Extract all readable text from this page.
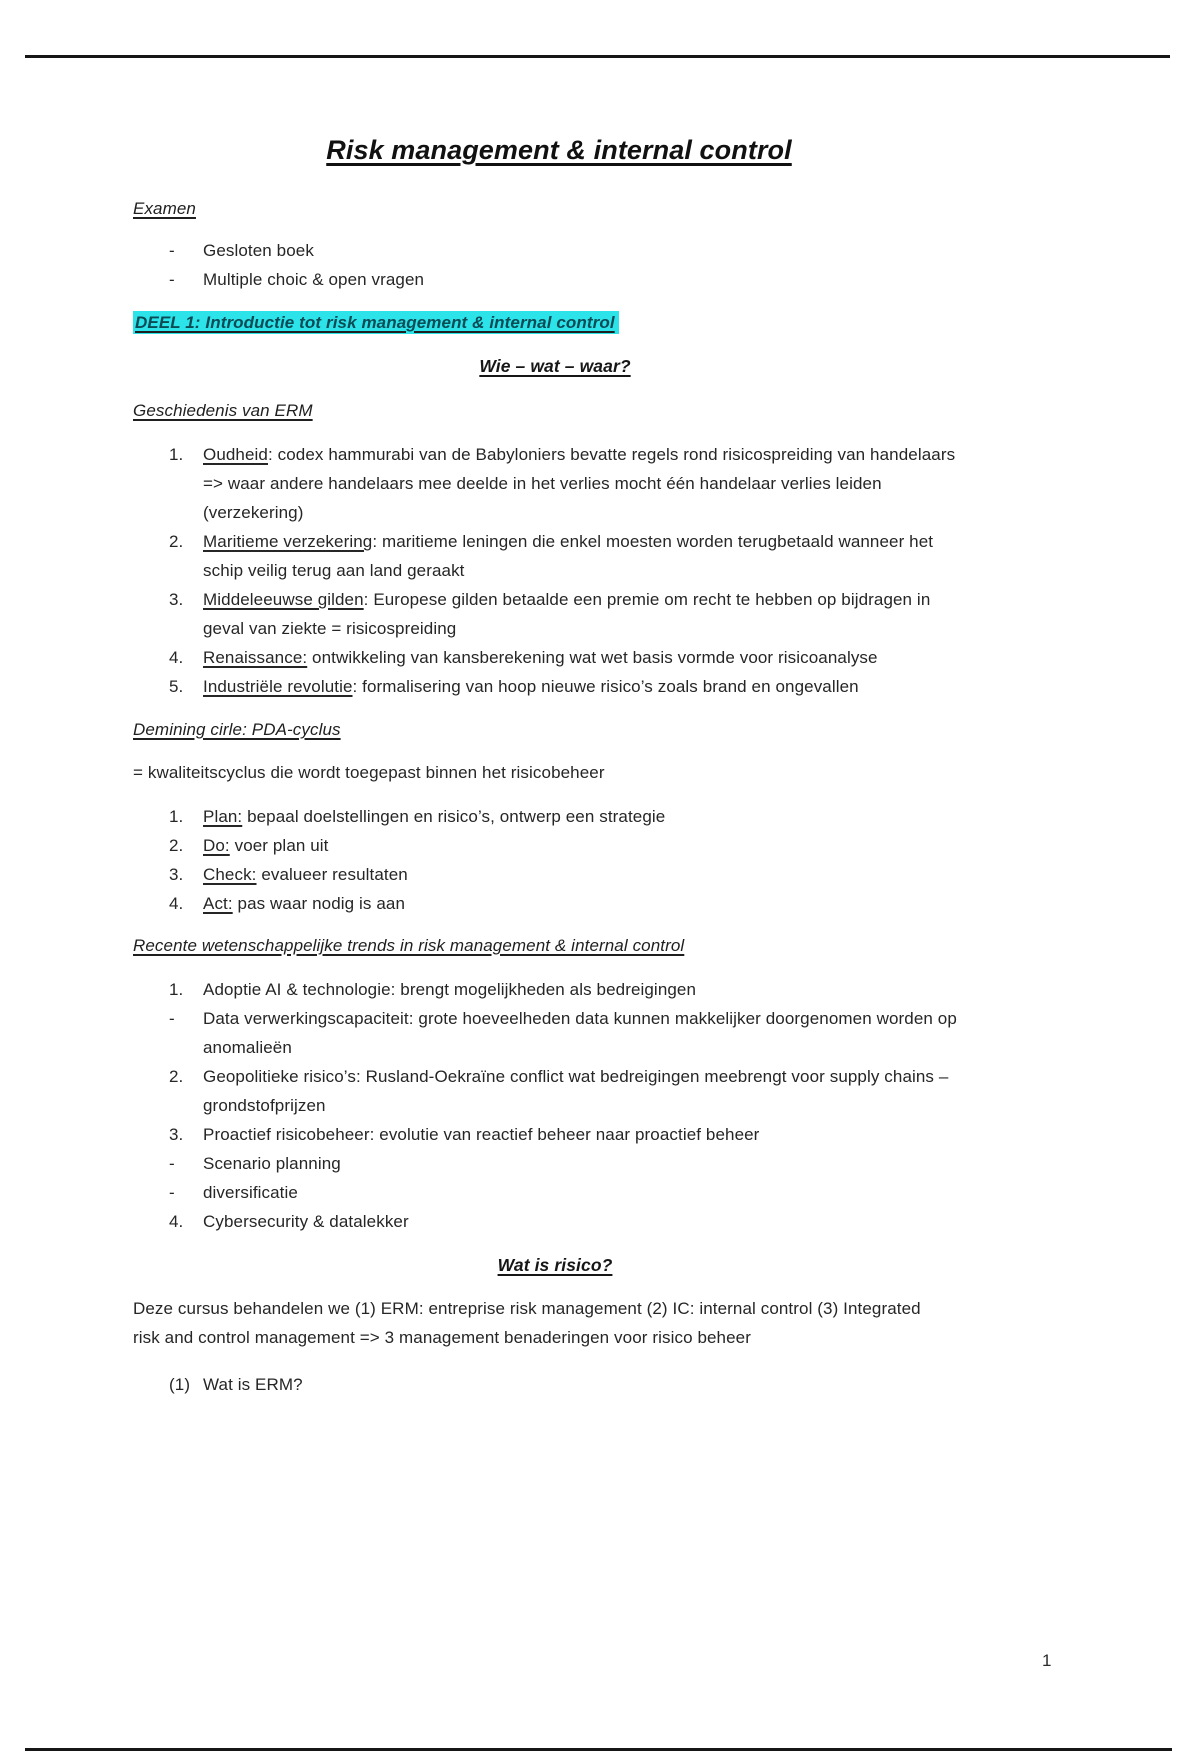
Risk management & internal control
Examen
-	Gesloten boek
-	Multiple choic & open vragen
DEEL 1: Introductie tot risk management & internal control
Wie – wat – waar?
Geschiedenis van ERM
1.	Oudheid: codex hammurabi van de Babyloniers bevatte regels rond risicospreiding van handelaars => waar andere handelaars mee deelde in het verlies mocht één handelaar verlies leiden (verzekering)
2.	Maritieme verzekering: maritieme leningen die enkel moesten worden terugbetaald wanneer het schip veilig terug aan land geraakt
3.	Middeleeuwse gilden: Europese gilden betaalde een premie om recht te hebben op bijdragen in geval van ziekte = risicospreiding
4.	Renaissance: ontwikkeling van kansberekening wat wet basis vormde voor risicoanalyse
5.	Industriële revolutie: formalisering van hoop nieuwe risico’s zoals brand en ongevallen
Demining cirle: PDA-cyclus

= kwaliteitscyclus die wordt toegepast binnen het risicobeheer

1.	Plan: bepaal doelstellingen en risico’s, ontwerp een strategie
2.	Do: voer plan uit
3.	Check: evalueer resultaten
4.	Act: pas waar nodig is aan
Recente wetenschappelijke trends in risk management & internal control
1.	Adoptie AI & technologie: brengt mogelijkheden als bedreigingen
-	Data verwerkingscapaciteit: grote hoeveelheden data kunnen makkelijker doorgenomen worden op anomalieën
2.	Geopolitieke risico’s: Rusland-Oekraïne conflict wat bedreigingen meebrengt voor supply chains – grondstofprijzen
3.	Proactief risicobeheer: evolutie van reactief beheer naar proactief beheer
-	Scenario planning
-	diversificatie
4.	Cybersecurity & datalekker
Wat is risico?

Deze cursus behandelen we (1) ERM: entreprise risk management (2) IC: internal control (3) Integrated risk and control management => 3 management benaderingen voor risico beheer

(1) Wat is ERM?
1
